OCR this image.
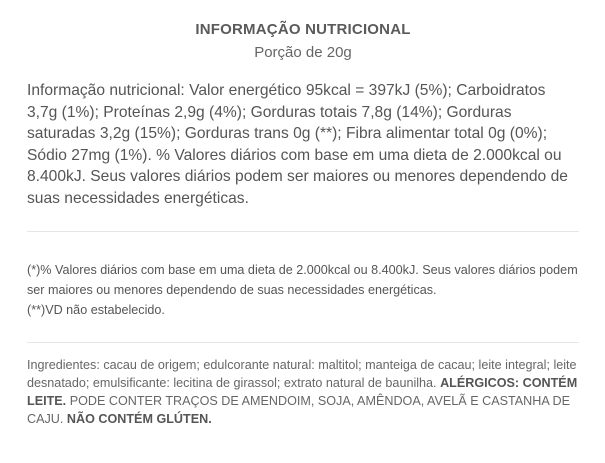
INFORMAÇÃO NUTRICIONAL
Porção de 20g
Informação nutricional: Valor energético 95kcal = 397kJ (5%); Carboidratos 3,7g (1%); Proteínas 2,9g (4%); Gorduras totais 7,8g (14%); Gorduras saturadas 3,2g (15%); Gorduras trans 0g (**); Fibra alimentar total 0g (0%); Sódio 27mg (1%). % Valores diários com base em uma dieta de 2.000kcal ou 8.400kJ. Seus valores diários podem ser maiores ou menores dependendo de suas necessidades energéticas.
(*)% Valores diários com base em uma dieta de 2.000kcal ou 8.400kJ. Seus valores diários podem ser maiores ou menores dependendo de suas necessidades energéticas.
(**)VD não estabelecido.
Ingredientes: cacau de origem; edulcorante natural: maltitol; manteiga de cacau; leite integral; leite desnatado; emulsificante: lecitina de girassol; extrato natural de baunilha. ALÉRGICOS: CONTÉM LEITE. PODE CONTER TRAÇOS DE AMENDOIM, SOJA, AMÊNDOA, AVELÃ E CASTANHA DE CAJU. NÃO CONTÉM GLÚTEN.
